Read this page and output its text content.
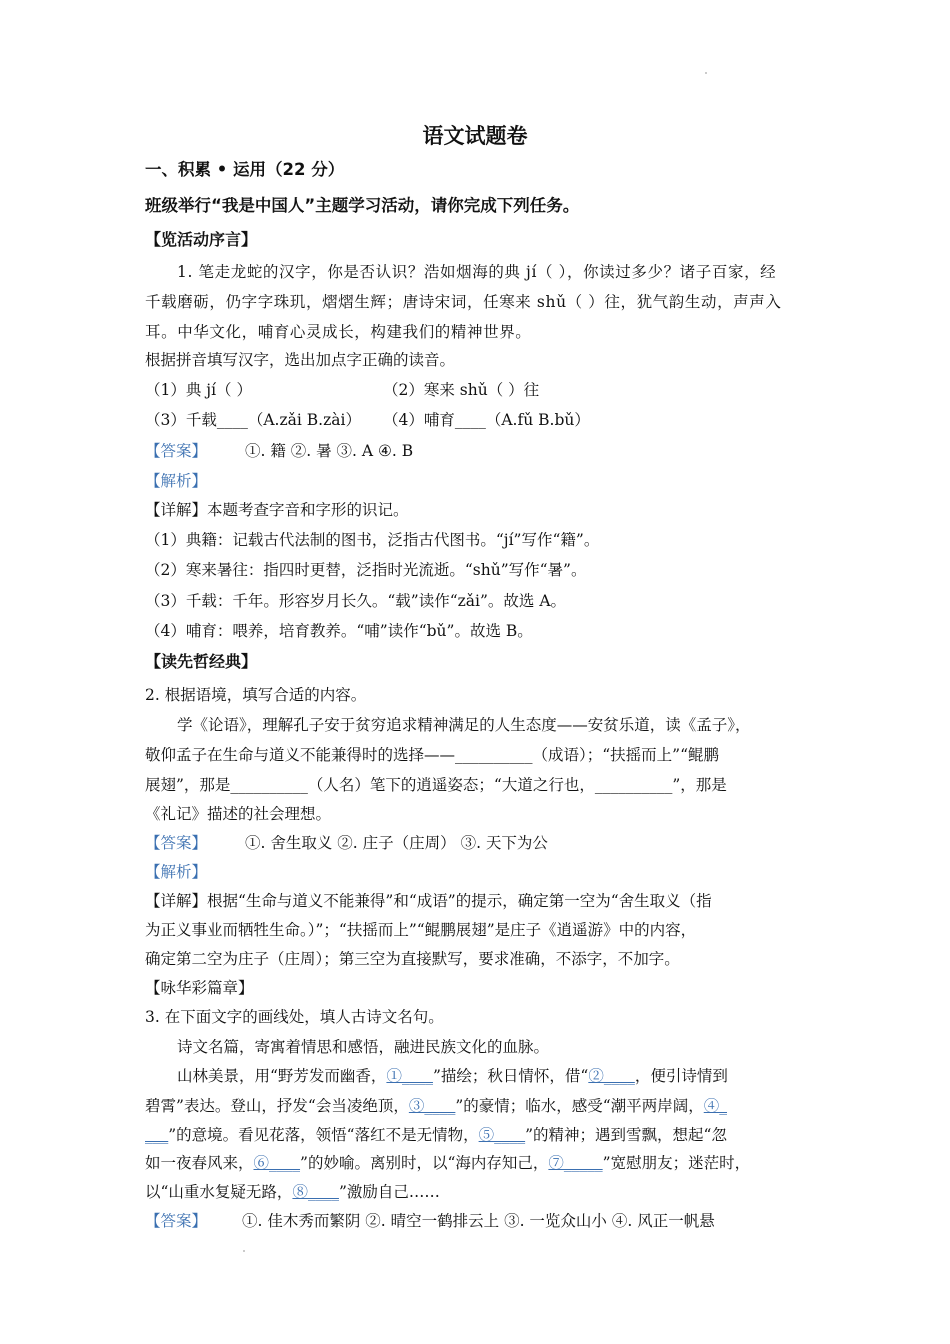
语文试题卷
一、积累 • 运用（22 分）
班级举行“我是中国人”主题学习活动，请你完成下列任务。
【览活动序言】
1. 笔走龙蛇的汉字，你是否认识？浩如烟海的典 jí（ ），你读过多少？诸子百家，经
千载磨砺，仍字字珠玑，熠熠生辉；唐诗宋词，任寒来 shǔ（ ）往，犹气韵生动，声声入
耳。中华文化，哺育心灵成长，构建我们的精神世界。
根据拼音填写汉字，选出加点字正确的读音。
（1）典 jí（ ）	（2）寒来 shǔ（ ）往
（3）千载____（A.zǎi B.zài） （4）哺育____（A.fǔ B.bǔ）
【答案】 ①. 籍 ②. 暑 ③. A ④. B
【解析】
【详解】本题考查字音和字形的识记。
（1）典籍：记载古代法制的图书，泛指古代图书。“jí”写作“籍”。
（2）寒来暑往：指四时更替，泛指时光流逝。“shǔ”写作“暑”。
（3）千载：千年。形容岁月长久。“载”读作“zǎi”。故选 A。
（4）哺育：喂养，培育教养。“哺”读作“bǔ”。故选 B。
【读先哲经典】
2. 根据语境，填写合适的内容。
学《论语》，理解孔子安于贫穷追求精神满足的人生态度——安贫乐道，读《孟子》，
敬仰孟子在生命与道义不能兼得时的选择——__________（成语）；“扶摇而上”“鲲鹏
展翅”，那是__________（人名）笔下的逍遥姿态；“大道之行也，__________”，那是
《礼记》描述的社会理想。
【答案】 ①. 舍生取义 ②. 庄子（庄周） ③. 天下为公
【解析】
【详解】根据“生命与道义不能兼得”和“成语”的提示，确定第一空为“舍生取义（指
为正义事业而牺牲生命。）”；“扶摇而上”“鲲鹏展翅”是庄子《逍遥游》中的内容，
确定第二空为庄子（庄周）；第三空为直接默写，要求准确，不添字，不加字。
【咏华彩篇章】
3. 在下面文字的画线处，填人古诗文名句。
诗文名篇，寄寓着情思和感悟，融进民族文化的血脉。
山林美景，用“野芳发而幽香，①____”描绘；秋日情怀，借“②____，便引诗情到
碧霄”表达。登山，抒发“会当凌绝顶，③____”的豪情；临水，感受“潮平两岸阔，④_
___”的意境。看见花落，领悟“落红不是无情物，⑤____”的精神；遇到雪飘，想起“忽
如一夜春风来，⑥____”的妙喻。离别时，以“海内存知己，⑦_____”宽慰朋友；迷茫时，
以“山重水复疑无路，⑧____”激励自己……
【答案】 ①. 佳木秀而繁阴 ②. 晴空一鹤排云上 ③. 一览众山小 ④. 风正一帆悬
